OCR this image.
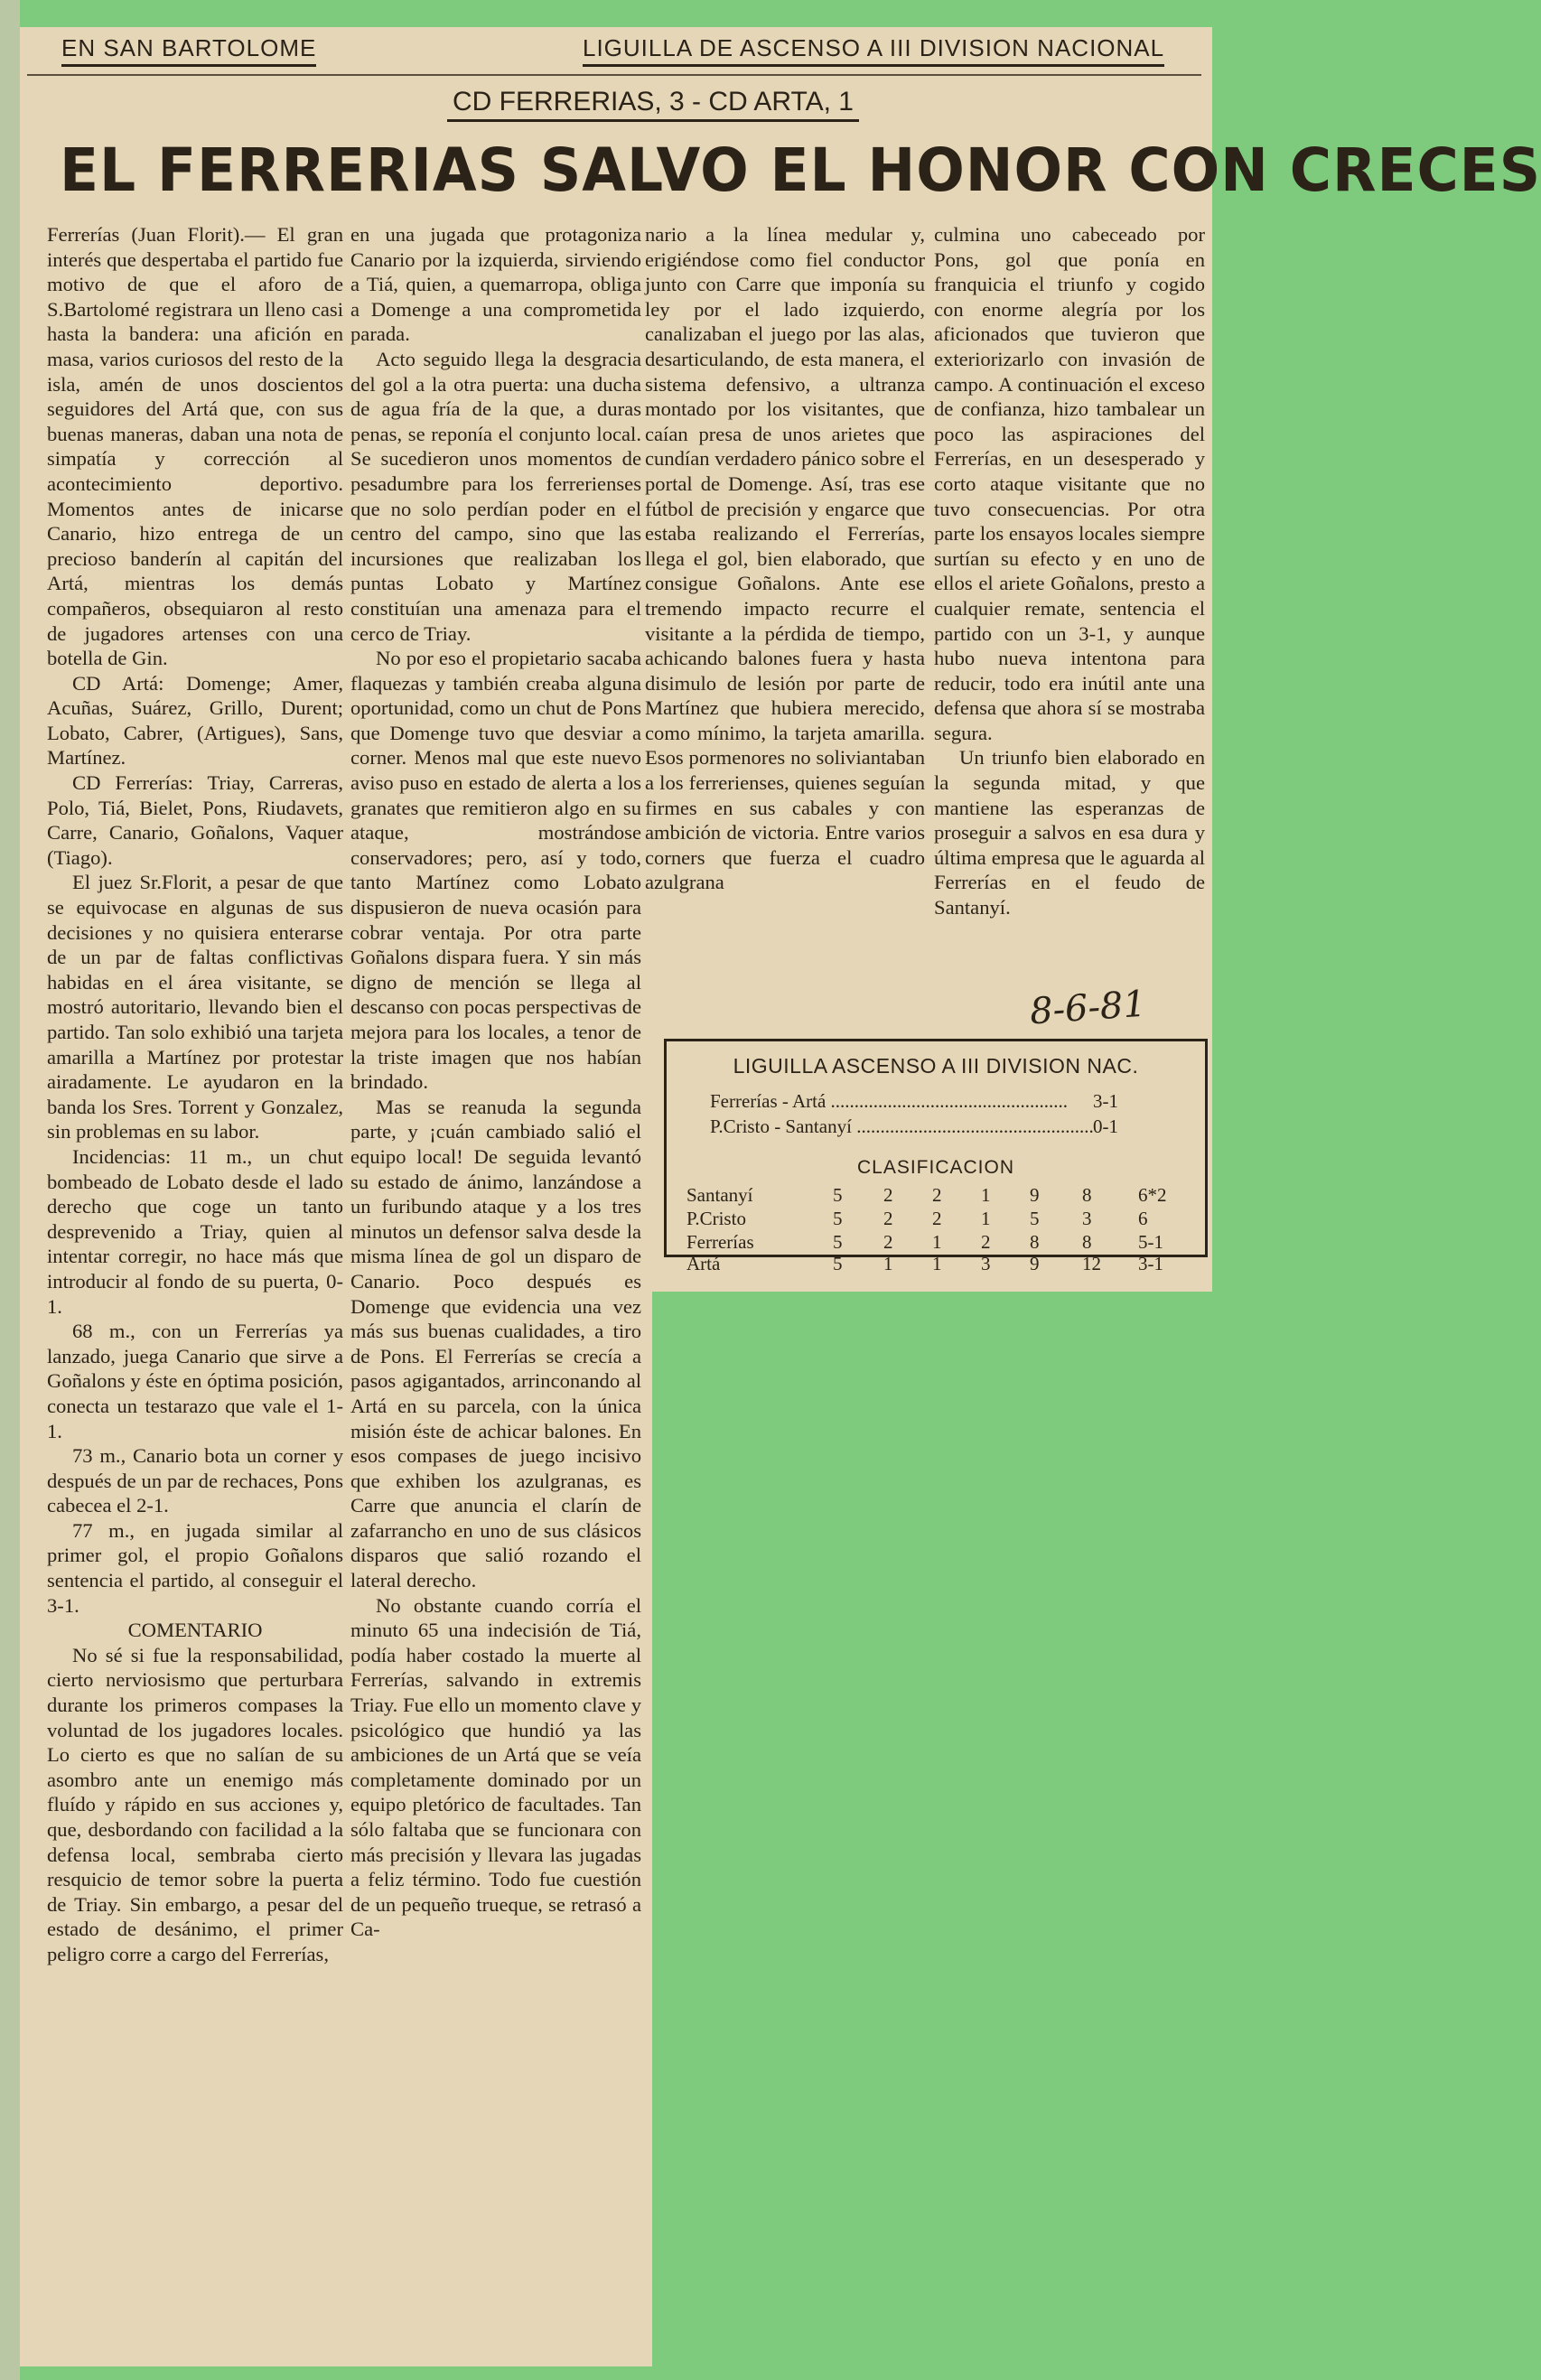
EN SAN BARTOLOME	LIGUILLA DE ASCENSO A III DIVISION NACIONAL
CD FERRERIAS, 3 - CD ARTA, 1
EL FERRERIAS SALVO EL HONOR CON CRECES

Ferrerías (Juan Florit).— El gran interés que despertaba el partido fue motivo de que el aforo de S.Bartolomé registrara un lleno casi hasta la bandera: una afición en masa, varios curiosos del resto de la isla, amén de unos doscientos seguidores del Artá que, con sus buenas maneras, daban una nota de simpatía y corrección al acontecimiento deportivo. Momentos antes de inicarse Canario, hizo entrega de un precioso banderín al capitán del Artá, mientras los demás compañeros, obsequiaron al resto de jugadores artenses con una botella de Gin.

CD Artá: Domenge; Amer, Acuñas, Suárez, Grillo, Durent; Lobato, Cabrer, (Artigues), Sans, Martínez.

CD Ferrerías: Triay, Carreras, Polo, Tiá, Bielet, Pons, Riudavets, Carre, Canario, Goñalons, Vaquer (Tiago).

El juez Sr.Florit, a pesar de que se equivocase en algunas de sus decisiones y no quisiera enterarse de un par de faltas conflictivas habidas en el área visitante, se mostró autoritario, llevando bien el partido. Tan solo exhibió una tarjeta amarilla a Martínez por protestar airadamente. Le ayudaron en la banda los Sres. Torrent y Gonzalez, sin problemas en su labor.

Incidencias: 11 m., un chut bombeado de Lobato desde el lado derecho que coge un tanto desprevenido a Triay, quien al intentar corregir, no hace más que introducir al fondo de su puerta, 0-1.

68 m., con un Ferrerías ya lanzado, juega Canario que sirve a Goñalons y éste en óptima posición, conecta un testarazo que vale el 1-1.

73 m., Canario bota un corner y después de un par de rechaces, Pons cabecea el 2-1.

77 m., en jugada similar al primer gol, el propio Goñalons sentencia el partido, al conseguir el 3-1.

COMENTARIO

No sé si fue la responsabilidad, cierto nerviosismo que perturbara durante los primeros compases la voluntad de los jugadores locales. Lo cierto es que no salían de su asombro ante un enemigo más fluído y rápido en sus acciones y, que, desbordando con facilidad a la defensa local, sembraba cierto resquicio de temor sobre la puerta de Triay. Sin embargo, a pesar del estado de desánimo, el primer peligro corre a cargo del Ferrerías,

en una jugada que protagoniza Canario por la izquierda, sirviendo a Tiá, quien, a quemarropa, obliga a Domenge a una comprometida parada.

Acto seguido llega la desgracia del gol a la otra puerta: una ducha de agua fría de la que, a duras penas, se reponía el conjunto local. Se sucedieron unos momentos de pesadumbre para los ferrerienses que no solo perdían poder en el centro del campo, sino que las incursiones que realizaban los puntas Lobato y Martínez constituían una amenaza para el cerco de Triay.

No por eso el propietario sacaba flaquezas y también creaba alguna oportunidad, como un chut de Pons que Domenge tuvo que desviar a corner. Menos mal que este nuevo aviso puso en estado de alerta a los granates que remitieron algo en su ataque, mostrándose conservadores; pero, así y todo, tanto Martínez como Lobato dispusieron de nueva ocasión para cobrar ventaja. Por otra parte Goñalons dispara fuera. Y sin más digno de mención se llega al descanso con pocas perspectivas de mejora para los locales, a tenor de la triste imagen que nos habían brindado.

Mas se reanuda la segunda parte, y ¡cuán cambiado salió el equipo local! De seguida levantó su estado de ánimo, lanzándose a un furibundo ataque y a los tres minutos un defensor salva desde la misma línea de gol un disparo de Canario. Poco después es Domenge que evidencia una vez más sus buenas cualidades, a tiro de Pons. El Ferrerías se crecía a pasos agigantados, arrinconando al Artá en su parcela, con la única misión éste de achicar balones. En esos compases de juego incisivo que exhiben los azulgranas, es Carre que anuncia el clarín de zafarrancho en uno de sus clásicos disparos que salió rozando el lateral derecho.

No obstante cuando corría el minuto 65 una indecisión de Tiá, podía haber costado la muerte al Ferrerías, salvando in extremis Triay. Fue ello un momento clave y psicológico que hundió ya las ambiciones de un Artá que se veía completamente dominado por un equipo pletórico de facultades. Tan sólo faltaba que se funcionara con más precisión y llevara las jugadas a feliz término. Todo fue cuestión de un pequeño trueque, se retrasó a Ca-

nario a la línea medular y, erigiéndose como fiel conductor junto con Carre que imponía su ley por el lado izquierdo, canalizaban el juego por las alas, desarticulando, de esta manera, el sistema defensivo, a ultranza montado por los visitantes, que caían presa de unos arietes que cundían verdadero pánico sobre el portal de Domenge. Así, tras ese fútbol de precisión y engarce que estaba realizando el Ferrerías, llega el gol, bien elaborado, que consigue Goñalons. Ante ese tremendo impacto recurre el visitante a la pérdida de tiempo, achicando balones fuera y hasta disimulo de lesión por parte de Martínez que hubiera merecido, como mínimo, la tarjeta amarilla. Esos pormenores no soliviantaban a los ferrerienses, quienes seguían firmes en sus cabales y con ambición de victoria. Entre varios corners que fuerza el cuadro azulgrana

culmina uno cabeceado por Pons, gol que ponía en franquicia el triunfo y cogido con enorme alegría por los aficionados que tuvieron que exteriorizarlo con invasión de campo. A continuación el exceso de confianza, hizo tambalear un poco las aspiraciones del Ferrerías, en un desesperado y corto ataque visitante que no tuvo consecuencias. Por otra parte los ensayos locales siempre surtían su efecto y en uno de ellos el ariete Goñalons, presto a cualquier remate, sentencia el partido con un 3-1, y aunque hubo nueva intentona para reducir, todo era inútil ante una defensa que ahora sí se mostraba segura.

Un triunfo bien elaborado en la segunda mitad, y que mantiene las esperanzas de proseguir a salvos en esa dura y última empresa que le aguarda al Ferrerías en el feudo de Santanyí.

8-6-81
LIGUILLA ASCENSO A III DIVISION NAC.
Ferrerías - Artá .....	3-1
P.Cristo - Santanyí .....	0-1
CLASIFICACION
Santanyí	5 2 2 1 9 8 6*2
P.Cristo	5 2 2 1 5 3 6
Ferrerías	5 2 1 2 8 8 5-1
Artá	5 1 1 3 9 12 3-1
